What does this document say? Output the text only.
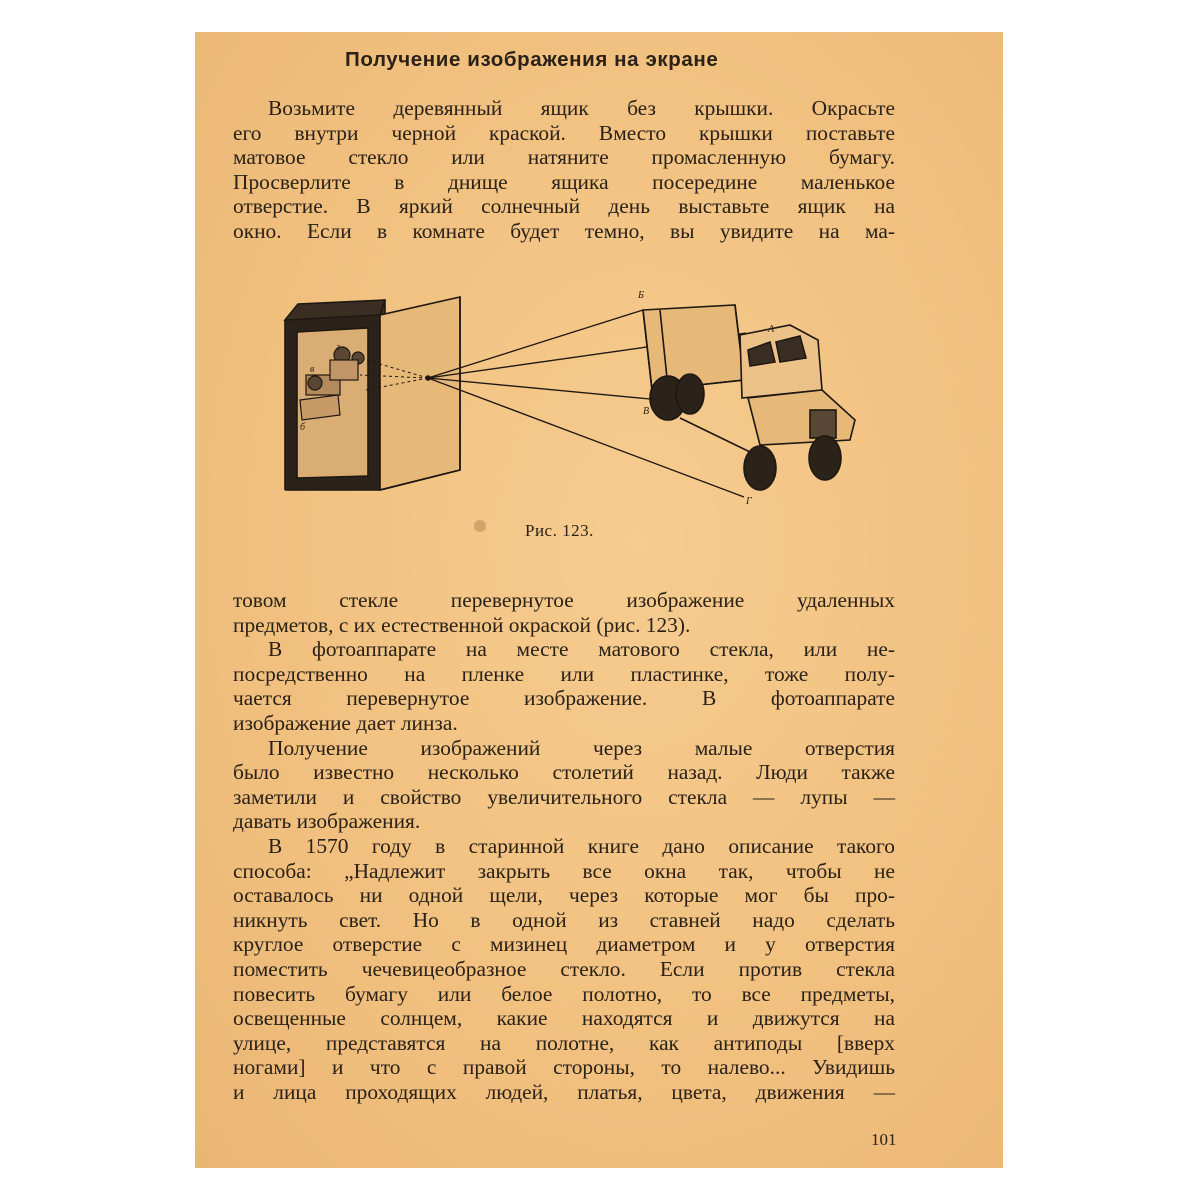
Получение изображения на экране
Возьмите деревянный ящик без крышки. Окрасьте
его внутри черной краской. Вместо крышки поставьте
матовое стекло или натяните промасленную бумагу.
Просверлите в днище ящика посередине маленькое
отверстие. В яркий солнечный день выставьте ящик на
окно. Если в комнате будет темно, вы увидите на ма-
Б
В
Г
А
г
в
б
Рис. 123.
товом стекле перевернутое изображение удаленных
предметов, с их естественной окраской (рис. 123).
В фотоаппарате на месте матового стекла, или не-
посредственно на пленке или пластинке, тоже полу-
чается перевернутое изображение. В фотоаппарате
изображение дает линза.
Получение изображений через малые отверстия
было известно несколько столетий назад. Люди также
заметили и свойство увеличительного стекла — лупы —
давать изображения.
В 1570 году в старинной книге дано описание такого
способа: „Надлежит закрыть все окна так, чтобы не
оставалось ни одной щели, через которые мог бы про-
никнуть свет. Но в одной из ставней надо сделать
круглое отверстие с мизинец диаметром и у отверстия
поместить чечевицеобразное стекло. Если против стекла
повесить бумагу или белое полотно, то все предметы,
освещенные солнцем, какие находятся и движутся на
улице, представятся на полотне, как антиподы [вверх
ногами] и что с правой стороны, то налево... Увидишь
и лица проходящих людей, платья, цвета, движения —
101
